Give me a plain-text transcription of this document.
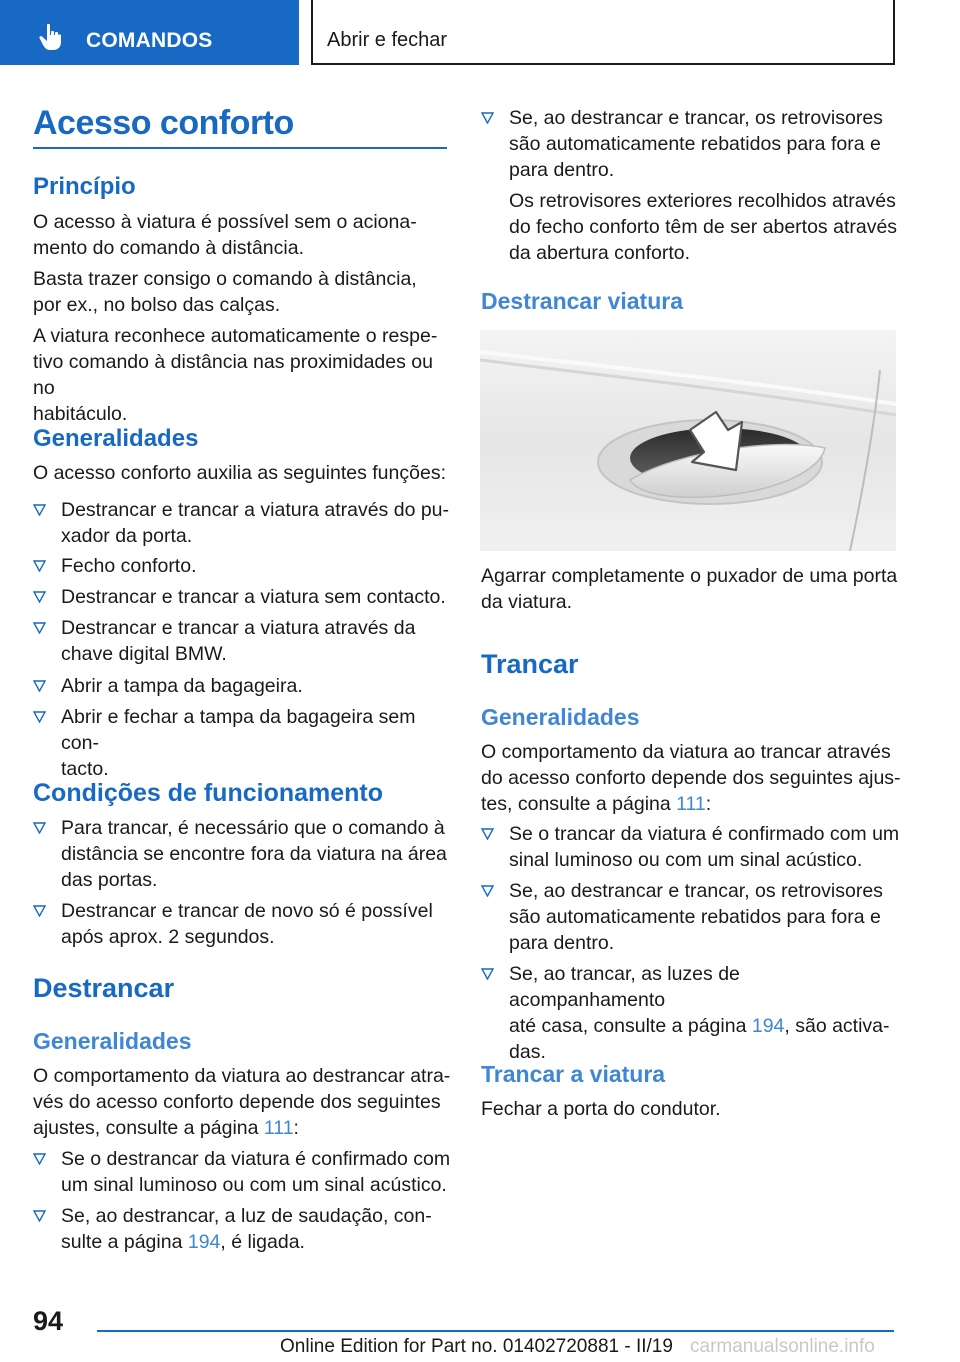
COMANDOS	Abrir e fechar
Acesso conforto
Princípio
O acesso à viatura é possível sem o aciona-
mento do comando à distância.
Basta trazer consigo o comando à distância,
por ex., no bolso das calças.
A viatura reconhece automaticamente o respe-
tivo comando à distância nas proximidades ou no
habitáculo.
Generalidades
O acesso conforto auxilia as seguintes funções:
Destrancar e trancar a viatura através do pu-
xador da porta.
Fecho conforto.
Destrancar e trancar a viatura sem contacto.
Destrancar e trancar a viatura através da
chave digital BMW.
Abrir a tampa da bagageira.
Abrir e fechar a tampa da bagageira sem con-
tacto.
Condições de funcionamento
Para trancar, é necessário que o comando à
distância se encontre fora da viatura na área
das portas.
Destrancar e trancar de novo só é possível
após aprox. 2 segundos.
Destrancar
Generalidades
O comportamento da viatura ao destrancar atra-
vés do acesso conforto depende dos seguintes
ajustes, consulte a página 111:
Se o destrancar da viatura é confirmado com
um sinal luminoso ou com um sinal acústico.
Se, ao destrancar, a luz de saudação, con-
sulte a página 194, é ligada.
Se, ao destrancar e trancar, os retrovisores
são automaticamente rebatidos para fora e
para dentro.
Os retrovisores exteriores recolhidos através
do fecho conforto têm de ser abertos através
da abertura conforto.
Destrancar viatura
Agarrar completamente o puxador de uma porta
da viatura.
Trancar
Generalidades
O comportamento da viatura ao trancar através
do acesso conforto depende dos seguintes ajus-
tes, consulte a página 111:
Se o trancar da viatura é confirmado com um
sinal luminoso ou com um sinal acústico.
Se, ao destrancar e trancar, os retrovisores
são automaticamente rebatidos para fora e
para dentro.
Se, ao trancar, as luzes de acompanhamento
até casa, consulte a página 194, são activa-
das.
Trancar a viatura
Fechar a porta do condutor.
94
Online Edition for Part no. 01402720881 - II/19 carmanualsonline.info
